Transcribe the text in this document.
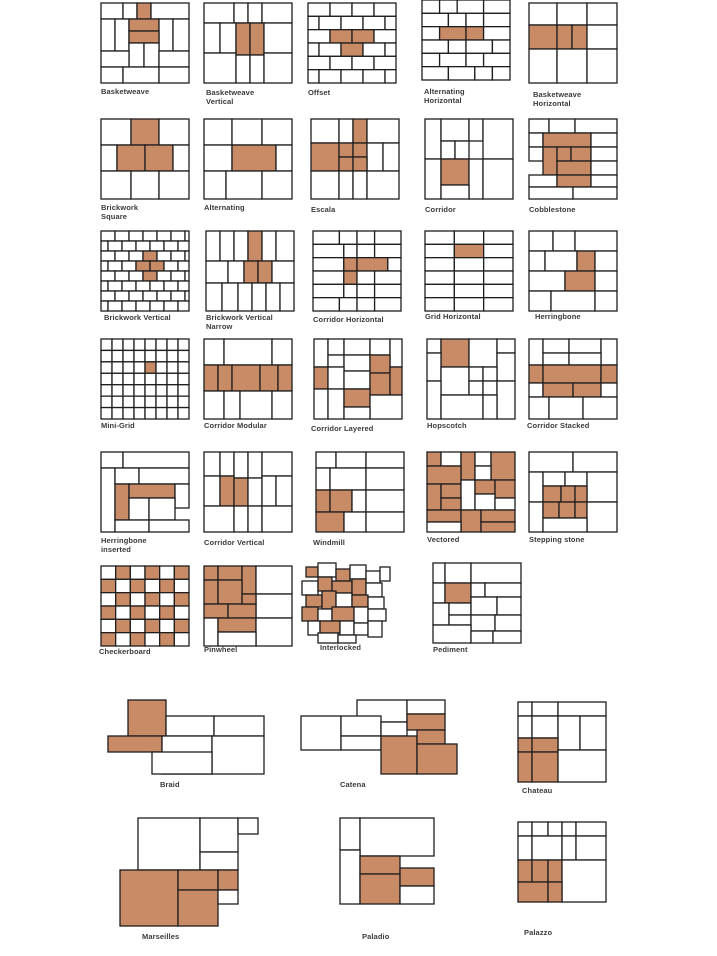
Basketweave	Basketweave
Vertical
Offset	Alternating
Horizontal
Basketweave
Horizontal
Brickwork
Square
Alternating	Escala	Corridor	Cobblestone
Brickwork Vertical	Brickwork Vertical
Narrow
Corridor Horizontal	Grid Horizontal	Herringbone
Mini-Grid	Corridor Modular	Corridor Layered	Hopscotch	Corridor Stacked
Herringbone
inserted
Corridor Vertical	Windmill	Vectored	Stepping stone
Checkerboard	Pinwheel	Interlocked	Pediment
Braid	Catena
Chateau
Marseilles	Paladio	Palazzo
